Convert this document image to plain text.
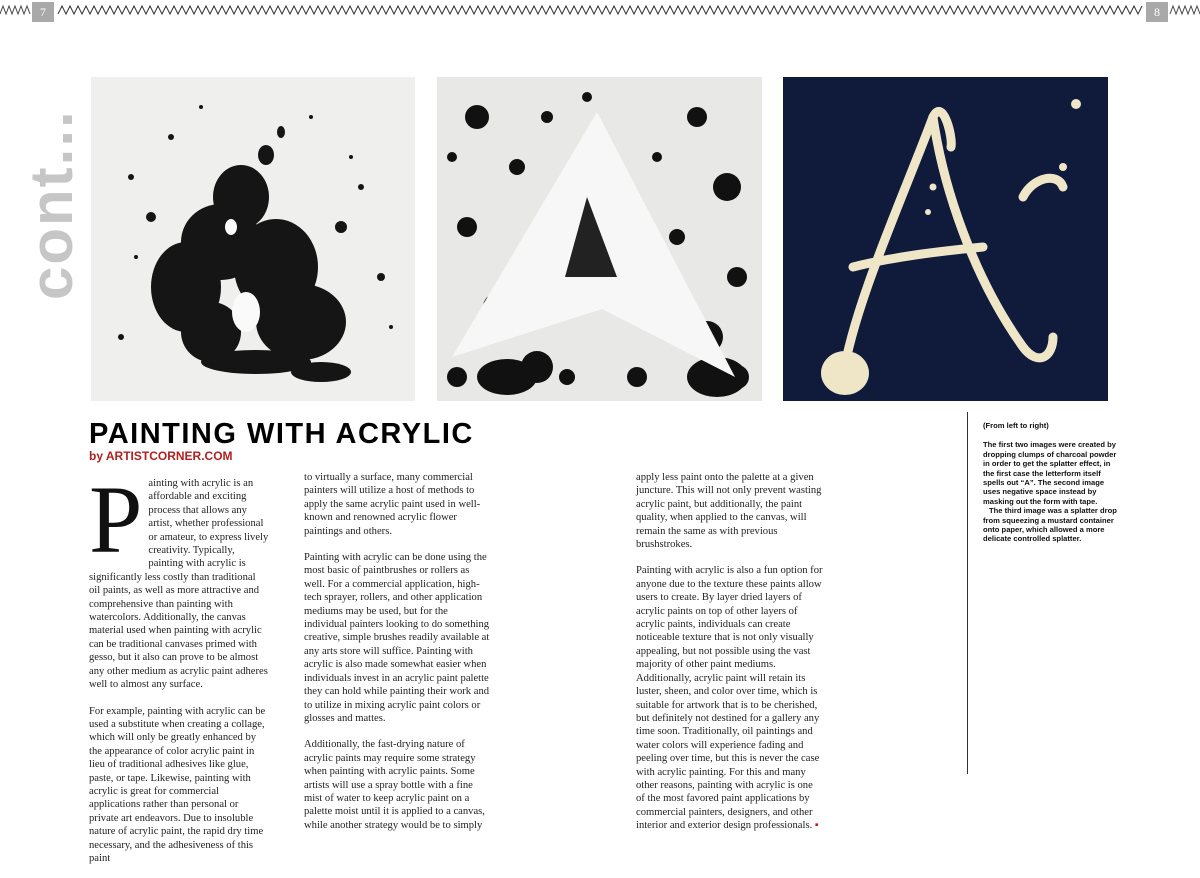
7	8
cont...
PAINTING WITH ACRYLIC
by ARTISTCORNER.COM

Painting with acrylic is an affordable and exciting process that allows any artist, whether professional or amateur, to express lively creativity. Typically, painting with acrylic is significantly less costly than traditional oil paints, as well as more attractive and comprehensive than painting with watercolors. Additionally, the canvas material used when painting with acrylic can be traditional canvases primed with gesso, but it also can prove to be almost any other medium as acrylic paint adheres well to almost any surface.

For example, painting with acrylic can be used a substitute when creating a collage, which will only be greatly enhanced by the appearance of color acrylic paint in lieu of traditional adhesives like glue, paste, or tape. Likewise, painting with acrylic is great for commercial applications rather than personal or private art endeavors. Due to insoluble nature of acrylic paint, the rapid dry time necessary, and the adhesiveness of this paint

to virtually a surface, many commercial painters will utilize a host of methods to apply the same acrylic paint used in well-known and renowned acrylic flower paintings and others.

Painting with acrylic can be done using the most basic of paintbrushes or rollers as well. For a commercial application, high-tech sprayer, rollers, and other application mediums may be used, but for the individual painters looking to do something creative, simple brushes readily available at any arts store will suffice. Painting with acrylic is also made somewhat easier when individuals invest in an acrylic paint palette they can hold while painting their work and to utilize in mixing acrylic paint colors or glosses and mattes.

Additionally, the fast-drying nature of acrylic paints may require some strategy when painting with acrylic paints. Some artists will use a spray bottle with a fine mist of water to keep acrylic paint on a palette moist until it is applied to a canvas, while another strategy would be to simply

apply less paint onto the palette at a given juncture. This will not only prevent wasting acrylic paint, but additionally, the paint quality, when applied to the canvas, will remain the same as with previous brushstrokes.

Painting with acrylic is also a fun option for anyone due to the texture these paints allow users to create. By layer dried layers of acrylic paints on top of other layers of acrylic paints, individuals can create noticeable texture that is not only visually appealing, but not possible using the vast majority of other paint mediums. Additionally, acrylic paint will retain its luster, sheen, and color over time, which is suitable for artwork that is to be cherished, but definitely not destined for a gallery any time soon. Traditionally, oil paintings and water colors will experience fading and peeling over time, but this is never the case with acrylic painting. For this and many other reasons, painting with acrylic is one of the most favored paint applications by commercial painters, designers, and other interior and exterior design professionals. ▪

(From left to right)

The first two images were created by dropping clumps of charcoal powder in order to get the splatter effect, in the first case the letterform itself spells out “A”. The second image uses negative space instead by masking out the form with tape.

The third image was a splatter drop from squeezing a mustard container onto paper, which allowed a more delicate controlled splatter.
